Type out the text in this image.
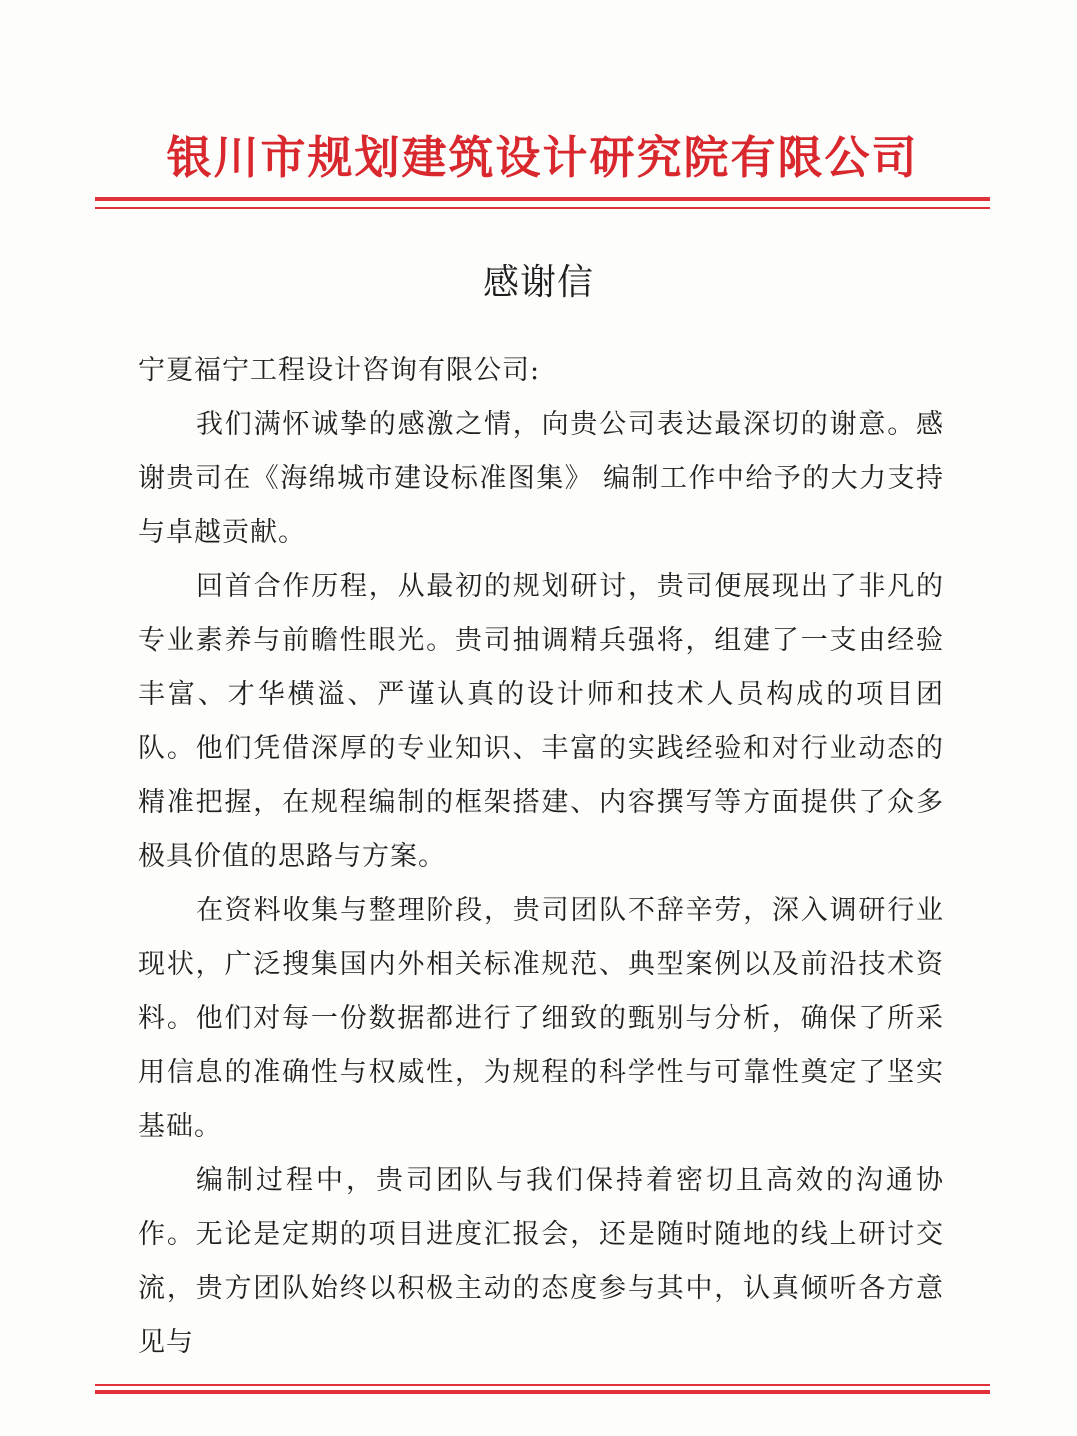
银川市规划建筑设计研究院有限公司
感谢信
宁夏福宁工程设计咨询有限公司:

我们满怀诚挚的感激之情，向贵公司表达最深切的谢意。感谢贵司在《海绵城市建设标准图集》 编制工作中给予的大力支持与卓越贡献。

回首合作历程，从最初的规划研讨，贵司便展现出了非凡的专业素养与前瞻性眼光。贵司抽调精兵强将，组建了一支由经验丰富、才华横溢、严谨认真的设计师和技术人员构成的项目团队。他们凭借深厚的专业知识、丰富的实践经验和对行业动态的精准把握，在规程编制的框架搭建、内容撰写等方面提供了众多极具价值的思路与方案。

在资料收集与整理阶段，贵司团队不辞辛劳，深入调研行业现状，广泛搜集国内外相关标准规范、典型案例以及前沿技术资料。他们对每一份数据都进行了细致的甄别与分析，确保了所采用信息的准确性与权威性，为规程的科学性与可靠性奠定了坚实基础。

编制过程中，贵司团队与我们保持着密切且高效的沟通协作。无论是定期的项目进度汇报会，还是随时随地的线上研讨交流，贵方团队始终以积极主动的态度参与其中，认真倾听各方意见与
